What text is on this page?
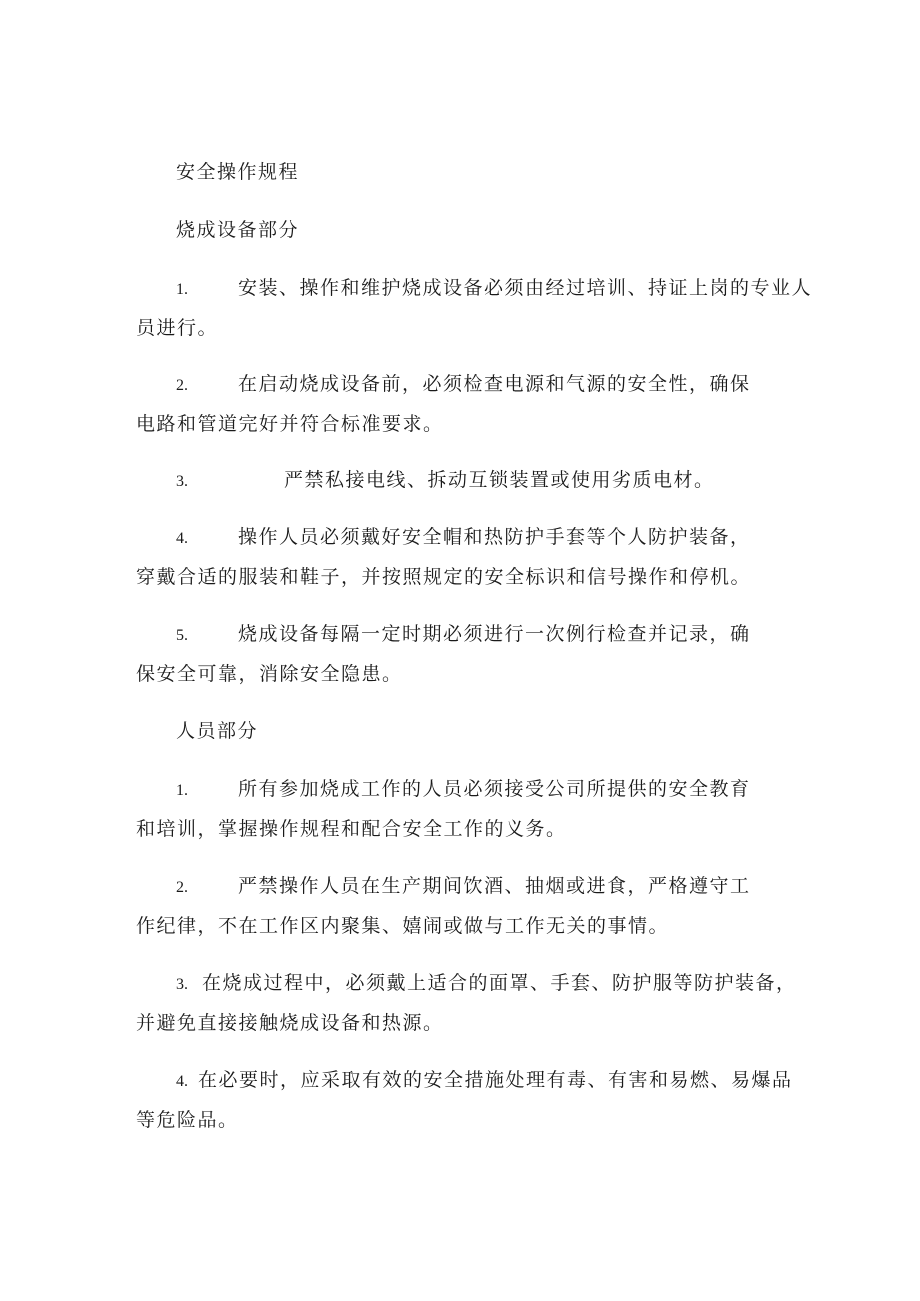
安全操作规程

烧成设备部分

1.	安装、操作和维护烧成设备必须由经过培训、持证上岗的专业人
员进行。
2.	在启动烧成设备前，必须检查电源和气源的安全性，确保
电路和管道完好并符合标准要求。
3.	严禁私接电线、拆动互锁装置或使用劣质电材。
4.	操作人员必须戴好安全帽和热防护手套等个人防护装备，
穿戴合适的服装和鞋子，并按照规定的安全标识和信号操作和停机。
5.	烧成设备每隔一定时期必须进行一次例行检查并记录，确
保安全可靠，消除安全隐患。

人员部分

1.	所有参加烧成工作的人员必须接受公司所提供的安全教育
和培训，掌握操作规程和配合安全工作的义务。
2.	严禁操作人员在生产期间饮酒、抽烟或进食，严格遵守工
作纪律，不在工作区内聚集、嬉闹或做与工作无关的事情。
3. 在烧成过程中，必须戴上适合的面罩、手套、防护服等防护装备，
并避免直接接触烧成设备和热源。
4. 在必要时，应采取有效的安全措施处理有毒、有害和易燃、易爆品
等危险品。
